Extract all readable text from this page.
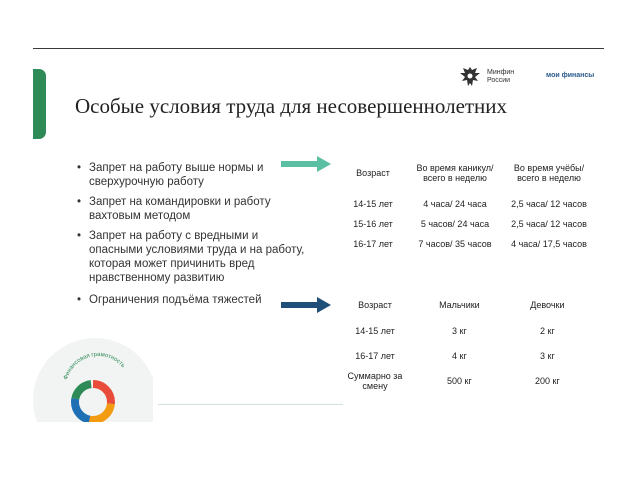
Минфин
России
мои финансы
Особые условия труда для несовершеннолетних
• Запрет на работу выше нормы и сверхурочную работу
• Запрет на командировки и работу вахтовым методом
• Запрет на работу с вредными и опасными условиями труда и на работу, которая может причинить вред нравственному развитию
• Ограничения подъёма тяжестей
Возраст	Во время каникул/ всего в неделю	Во время учёбы/ всего в неделю
14-15 лет	4 часа/ 24 часа	2,5 часа/ 12 часов
15-16 лет	5 часов/ 24 часа	2,5 часа/ 12 часов
16-17 лет	7 часов/ 35 часов	4 часа/ 17,5 часов
Возраст	Мальчики	Девочки
14-15 лет	3 кг	2 кг
16-17 лет	4 кг	3 кг
Суммарно за смену	500 кг	200 кг
Финансовая грамотность
